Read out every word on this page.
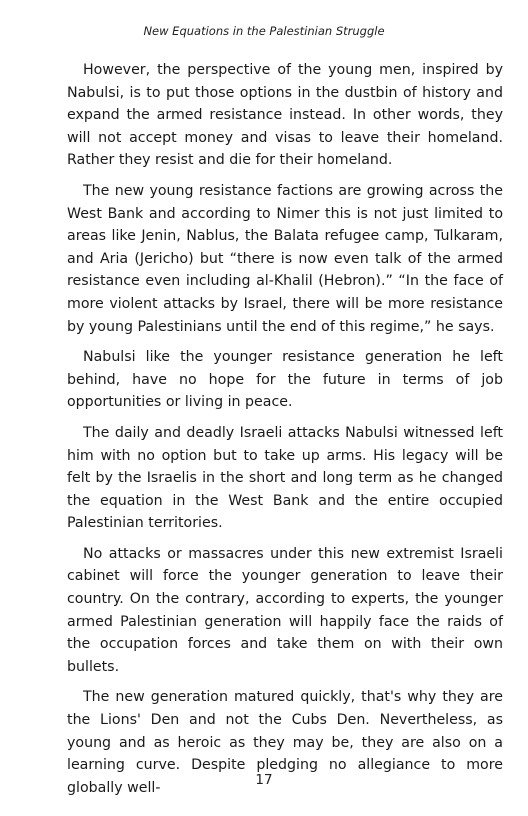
New Equations in the Palestinian Struggle

However, the perspective of the young men, inspired by Nabulsi, is to put those options in the dustbin of history and expand the armed resistance instead. In other words, they will not accept money and visas to leave their homeland. Rather they resist and die for their homeland.

The new young resistance factions are growing across the West Bank and according to Nimer this is not just limited to areas like Jenin, Nablus, the Balata refugee camp, Tulkaram, and Aria (Jericho) but “there is now even talk of the armed resistance even including al-Khalil (Hebron).” “In the face of more violent attacks by Israel, there will be more resistance by young Palestinians until the end of this regime,” he says.

Nabulsi like the younger resistance generation he left behind, have no hope for the future in terms of job opportunities or living in peace.

The daily and deadly Israeli attacks Nabulsi witnessed left him with no option but to take up arms. His legacy will be felt by the Israelis in the short and long term as he changed the equation in the West Bank and the entire occupied Palestinian territories.

No attacks or massacres under this new extremist Israeli cabinet will force the younger generation to leave their country. On the contrary, according to experts, the younger armed Palestinian generation will happily face the raids of the occupation forces and take them on with their own bullets.

The new generation matured quickly, that's why they are the Lions' Den and not the Cubs Den. Nevertheless, as young and as heroic as they may be, they are also on a learning curve. Despite pledging no allegiance to more globally well-	17
